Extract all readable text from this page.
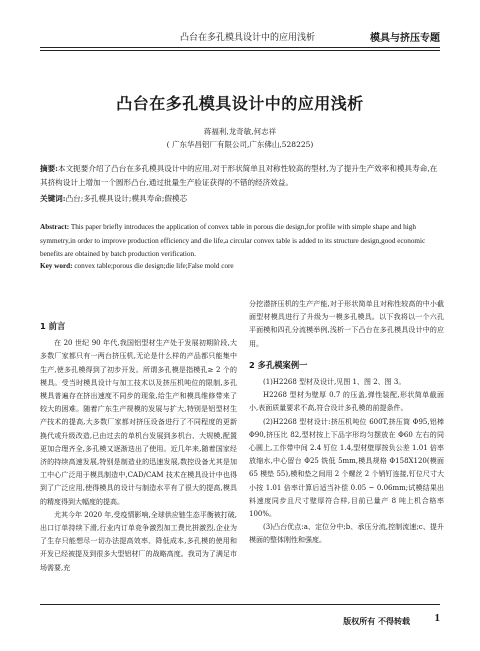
凸台在多孔模具设计中的应用浅析	模具与挤压专题
凸台在多孔模具设计中的应用浅析
蒋福利,龙奇敏,何志祥
( 广东华昌铝厂有限公司,广东佛山,528225)
摘要:本文扼要介绍了凸台在多孔模具设计中的应用,对于形状简单且对称性较高的型材,为了提升生产效率和模具寿命,在其挤构设计上增加一个圆形凸台,通过批量生产验证获得的不错的经济效益。
关键词:凸台;多孔模具设计;模具寿命;假模芯
Abstract: This paper briefly introduces the application of convex table in porous die design,for profile with simple shape and high symmetry,in order to improve production efficiency and die life,a circular convex table is added to its structure design,good economic benefits are obtained by batch production verification.
Key word: convex table;porous die design;die life;False mold core
1 前言

在 20 世纪 90 年代,我国铝型材生产处于发展初期阶段,大多数厂家都只有一两台挤压机,无论是什么样的产品都只能集中生产,使多孔模得到了初步开发。所谓多孔模是指模孔≥ 2 个的模具。受当时模具设计与加工技术以及挤压机吨位的限制,多孔模具普遍存在挤出速度不同步的现象,给生产和模具维修带来了较大的困难。随着广东生产规模的发展与扩大,特别是铝型材生产技术的提高,大多数厂家都对挤压设备进行了不同程度的更新换代或升级改造,已由过去的单机台发展到多机台、大规模,配置更加合理齐全,多孔模又逐渐迭出了使用。近几年来,随着国家经济的持续高速发展,特别是制造业的迅速发展,数控设备尤其是加工中心广泛用于模具制造中,CAD/CAM 技术在模具设计中也得到了广泛应用,使得模具的设计与制造水平有了很大的提高,模具的精度得到大幅度的提高。

尤其今年 2020 年,受疫情影响,全球供应链生态平衡被打破,出口订单持续下滑,行业内订单竞争激烈加工费比拼激烈,企业为了生存只能想尽一切办法提高效率、降低成本,多孔模的使用和开发已经被提及到很多大型铝材厂的战略高度。我司为了满足市场需要,充

分挖潜挤压机的生产产能,对于形状简单且对称性较高的中小截面型材模具进行了升级为一模多孔模具。以下我将以一个六孔平面模和四孔分流模举例,浅析一下凸台在多孔模具设计中的应用。

2 多孔模案例一

(1)H2268 型材及设计,见图 1、图 2、图 3。

H2268 型材为壁厚 0.7 的压盖,弹性装配,形状简单截面小,表面质量要求不高,符合设计多孔模的前提条件。

(2)H2268 型材设计:挤压机吨位 600T,挤压筒 Φ95,铝棒 Φ90,挤压比 82,型材按上下品字形均匀摆放在 Φ60 左右的同心圆上,工作带中间 2.4 钉位 1.4,型材壁厚按负公差 1.01 倍率放缩水,中心留台 Φ25 铣低 5mm,模具规格 Φ158X120(模面 65 模垫 55),模和垫之间用 2 个螺丝 2 个销钉连接,钉位尺寸大小按 1.01 倍率计算后适当补偿 0.05 ~ 0.06mm;试模结果出料速度同步且尺寸壁厚符合样,目前已量产 8 吨上机合格率 100%。

(3)凸台优点:a、定位分中;b、承压分流,控制流速;c、提升模面的整体刚性和强度。

版权所有 不得转载 1
